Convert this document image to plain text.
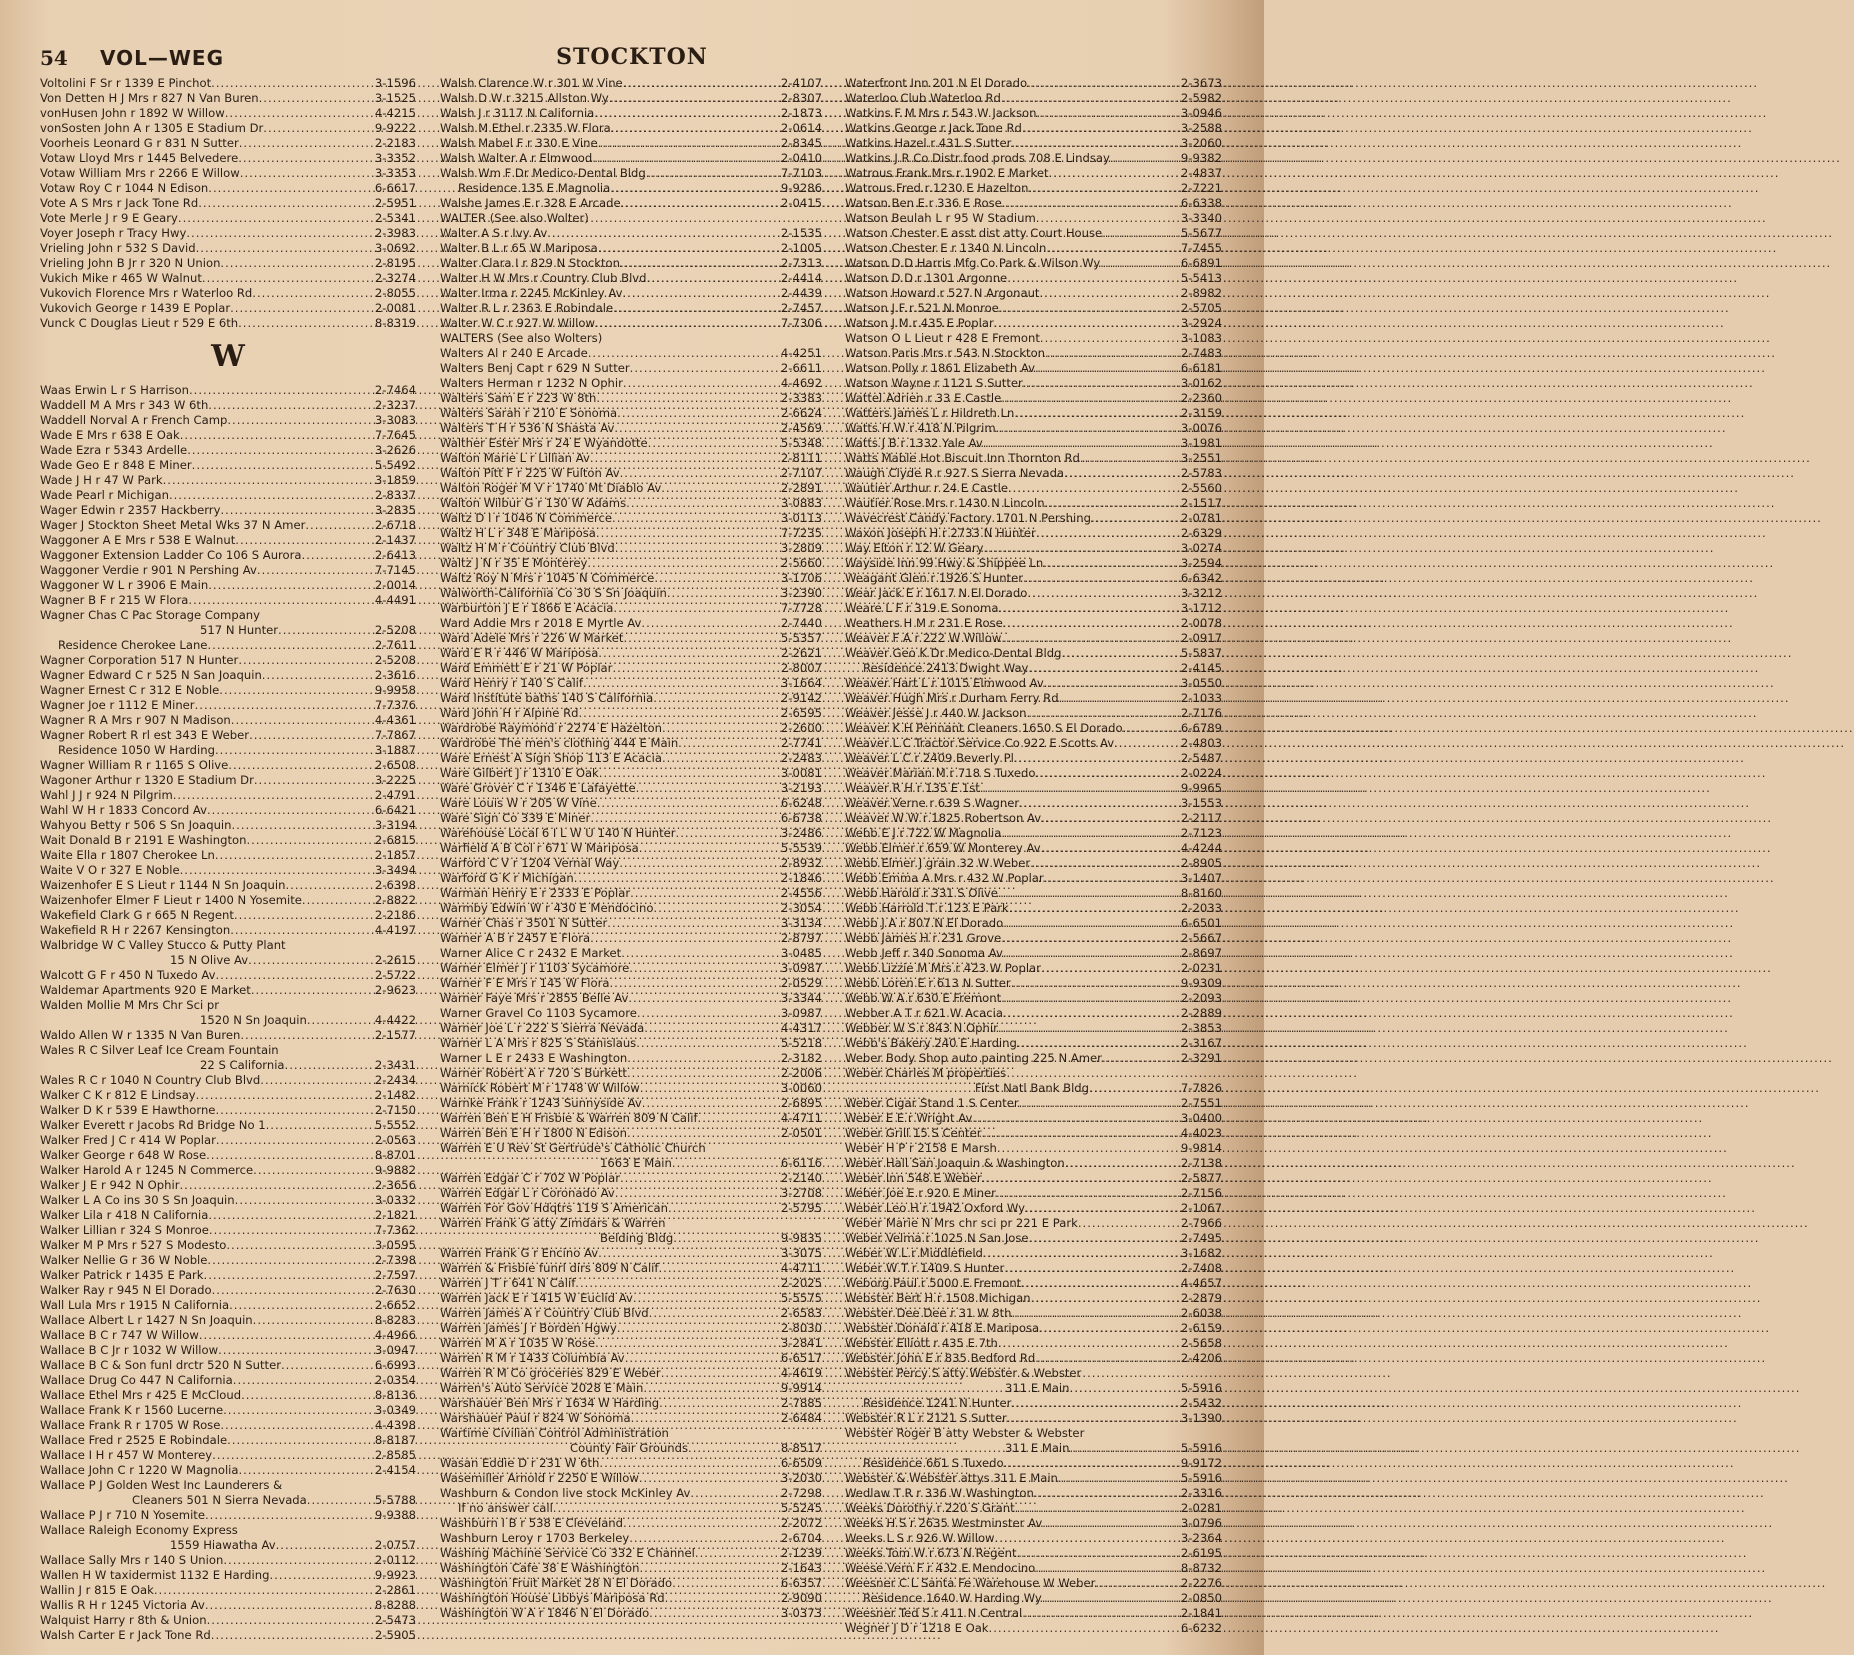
STOCKTON
54 VOL—WEG
Voltolini F Sr r 1339 E Pinchot .....	3-1596
Von Detten H J Mrs r 827 N Van Buren .....	3-1525
vonHusen John r 1892 W Willow .....	4-4215
vonSosten John A r 1305 E Stadium Dr .....	9-9222
Voorheis Leonard G r 831 N Sutter .....	2-2183
Votaw Lloyd Mrs r 1445 Belvedere .....	3-3352
Votaw William Mrs r 2266 E Willow .....	3-3353
Votaw Roy C r 1044 N Edison .....	6-6617
Vote A S Mrs r Jack Tone Rd .....	2-5951
Vote Merle J r 9 E Geary .....	2-5341
Voyer Joseph r Tracy Hwy .....	2-3983
Vrieling John r 532 S David .....	3-0692
Vrieling John B Jr r 320 N Union .....	2-8195
Vukich Mike r 465 W Walnut .....	2-3274
Vukovich Florence Mrs r Waterloo Rd .....	2-8055
Vukovich George r 1439 E Poplar .....	2-0081
Vunck C Douglas Lieut r 529 E 6th .....	8-8319
W
Waas Erwin L r S Harrison .....	2-7464
Waddell M A Mrs r 343 W 6th .....	2-3237
Waddell Norval A r French Camp .....	3-3083
Wade E Mrs r 638 E Oak .....	7-7645
Wade Ezra r 5343 Ardelle .....	3-2626
Wade Geo E r 848 E Miner .....	5-5492
Wade J H r 47 W Park .....	3-1859
Wade Pearl r Michigan .....	2-8337
Wager Edwin r 2357 Hackberry .....	3-2835
Wager J Stockton Sheet Metal Wks 37 N Amer .....	2-6718
Waggoner A E Mrs r 538 E Walnut .....	2-1437
Waggoner Extension Ladder Co 106 S Aurora .....	2-6413
Waggoner Verdie r 901 N Pershing Av .....	7-7145
Waggoner W L r 3906 E Main .....	2-0014
Wagner B F r 215 W Flora .....	4-4491
Wagner Chas C Pac Storage Company
517 N Hunter .....	2-5208
Residence Cherokee Lane .....	2-7611
Wagner Corporation 517 N Hunter .....	2-5208
Wagner Edward C r 525 N San Joaquin .....	2-3616
Wagner Ernest C r 312 E Noble .....	9-9958
Wagner Joe r 1112 E Miner .....	7-7376
Wagner R A Mrs r 907 N Madison .....	4-4361
Wagner Robert R rl est 343 E Weber .....	7-7867
Residence 1050 W Harding .....	3-1887
Wagner William R r 1165 S Olive .....	2-6508
Wagoner Arthur r 1320 E Stadium Dr .....	3-2225
Wahl J J r 924 N Pilgrim .....	2-4791
Wahl W H r 1833 Concord Av .....	6-6421
Wahyou Betty r 506 S Sn Joaquin .....	3-3194
Wait Donald B r 2191 E Washington .....	2-6815
Waite Ella r 1807 Cherokee Ln .....	2-1857
Waite V O r 327 E Noble .....	3-3494
Waizenhofer E S Lieut r 1144 N Sn Joaquin .....	2-6398
Waizenhofer Elmer F Lieut r 1400 N Yosemite .....	2-8822
Wakefield Clark G r 665 N Regent .....	2-2186
Wakefield R H r 2267 Kensington .....	4-4197
Walbridge W C Valley Stucco & Putty Plant
15 N Olive Av .....	2-2615
Walcott G F r 450 N Tuxedo Av .....	2-5722
Waldemar Apartments 920 E Market .....	2-9623
Walden Mollie M Mrs Chr Sci pr
1520 N Sn Joaquin .....	4-4422
Waldo Allen W r 1335 N Van Buren .....	2-1577
Wales R C Silver Leaf Ice Cream Fountain
22 S California .....	2-3431
Wales R C r 1040 N Country Club Blvd .....	2-2434
Walker C K r 812 E Lindsay .....	2-1482
Walker D K r 539 E Hawthorne .....	2-7150
Walker Everett r Jacobs Rd Bridge No 1 .....	5-5552
Walker Fred J C r 414 W Poplar .....	2-0563
Walker George r 648 W Rose .....	8-8701
Walker Harold A r 1245 N Commerce .....	9-9882
Walker J E r 942 N Ophir .....	2-3656
Walker L A Co ins 30 S Sn Joaquin .....	3-0332
Walker Lila r 418 N California .....	2-1821
Walker Lillian r 324 S Monroe .....	7-7362
Walker M P Mrs r 527 S Modesto .....	3-0595
Walker Nellie G r 36 W Noble .....	2-7398
Walker Patrick r 1435 E Park .....	2-7597
Walker Ray r 945 N El Dorado .....	2-7630
Wall Lula Mrs r 1915 N California .....	2-6652
Wallace Albert L r 1427 N Sn Joaquin .....	8-8283
Wallace B C r 747 W Willow .....	4-4966
Wallace B C Jr r 1032 W Willow .....	3-0947
Wallace B C & Son funl drctr 520 N Sutter .....	6-6993
Wallace Drug Co 447 N California .....	2-0354
Wallace Ethel Mrs r 425 E McCloud .....	8-8136
Wallace Frank K r 1560 Lucerne .....	3-0349
Wallace Frank R r 1705 W Rose .....	4-4398
Wallace Fred r 2525 E Robindale .....	8-8187
Wallace I H r 457 W Monterey .....	2-8585
Wallace John C r 1220 W Magnolia .....	2-4154
Wallace P J Golden West Inc Launderers &
Cleaners 501 N Sierra Nevada .....	5-5788
Wallace P J r 710 N Yosemite .....	9-9388
Wallace Raleigh Economy Express
1559 Hiawatha Av .....	2-0757
Wallace Sally Mrs r 140 S Union .....	2-0112
Wallen H W taxidermist 1132 E Harding .....	9-9923
Wallin J r 815 E Oak .....	2-2861
Wallis R H r 1245 Victoria Av .....	8-8288
Walquist Harry r 8th & Union .....	2-5473
Walsh Carter E r Jack Tone Rd .....	2-5905
Walsh Clarence W r 301 W Vine .....	2-4107
Walsh D W r 3215 Allston Wy .....	2-8307
Walsh J r 3117 N California .....	2-1873
Walsh M Ethel r 2335 W Flora .....	2-0614
Walsh Mabel F r 330 E Vine .....	2-8345
Walsh Walter A r Elmwood .....	2-0410
Walsh Wm F Dr Medico-Dental Bldg .....	7-7103
Residence 135 E Magnolia .....	9-9286
Walshe James E r 328 E Arcade .....	2-0415
WALTER (See also Wolter)
Walter A S r Ivy Av .....	2-1535
Walter B L r 65 W Mariposa .....	2-1005
Walter Clara I r 829 N Stockton .....	2-7313
Walter H W Mrs r Country Club Blvd .....	2-4414
Walter Irma r 2245 McKinley Av .....	2-4439
Walter R L r 2363 E Robindale .....	2-7457
Walter W C r 927 W Willow .....	7-7306
WALTERS (See also Wolters)
Walters Al r 240 E Arcade .....	4-4251
Walters Benj Capt r 629 N Sutter .....	2-6611
Walters Herman r 1232 N Ophir .....	4-4692
Walters Sam E r 223 W 8th .....	2-3383
Walters Sarah r 210 E Sonoma .....	2-6624
Walters T H r 536 N Shasta Av .....	2-4569
Walther Ester Mrs r 24 E Wyandotte .....	5-5348
Walton Marie L r Lillian Av .....	2-8111
Walton Pitt F r 225 W Fulton Av .....	2-7107
Walton Roger M V r 1740 Mt Diablo Av .....	2-2891
Walton Wilbur G r 130 W Adams .....	3-0883
Waltz D I r 1046 N Commerce .....	3-0113
Waltz H L r 348 E Mariposa .....	7-7235
Waltz H M r Country Club Blvd .....	3-2809
Waltz J N r 35 E Monterey .....	2-5660
Waltz Roy N Mrs r 1045 N Commerce .....	3-1706
Walworth-California Co 30 S Sn Joaquin .....	3-2390
Warburton J E r 1866 E Acacia .....	7-7728
Ward Addie Mrs r 2018 E Myrtle Av .....	2-7440
Ward Adele Mrs r 226 W Market .....	5-5357
Ward E R r 446 W Mariposa .....	2-2621
Ward Emmett E r 21 W Poplar .....	2-8007
Ward Henry r 140 S Calif .....	3-1664
Ward Institute baths 140 S California .....	2-9142
Ward John H r Alpine Rd .....	2-6595
Wardrobe Raymond r 2274 E Hazelton .....	2-2600
Wardrobe The men's clothing 444 E Main .....	2-7741
Ware Ernest A Sign Shop 113 E Acacia .....	2-2483
Ware Gilbert J r 1310 E Oak .....	3-0081
Ware Grover C r 1346 E Lafayette .....	3-2193
Ware Louis W r 205 W Vine .....	6-6248
Ware Sign Co 339 E Miner .....	6-6738
Warehouse Local 6 I L W U 140 N Hunter .....	3-2486
Warfield A B Col r 671 W Mariposa .....	5-5539
Warford C V r 1204 Vernal Way .....	2-8932
Warford G K r Michigan .....	2-1846
Warman Henry E r 2333 E Poplar .....	2-4556
Warmby Edwin W r 430 E Mendocino .....	2-3054
Warner Chas r 3501 N Sutter .....	3-3134
Warner A B r 2457 E Flora .....	2-8797
Warner Alice C r 2432 E Market .....	3-0485
Warner Elmer J r 1103 Sycamore .....	3-0987
Warner F E Mrs r 145 W Flora .....	2-0529
Warner Faye Mrs r 2855 Belle Av .....	3-3344
Warner Gravel Co 1103 Sycamore .....	3-0987
Warner Joe L r 222 S Sierra Nevada .....	4-4317
Warner L A Mrs r 825 S Stanislaus .....	5-5218
Warner L E r 2433 E Washington .....	2-3182
Warner Robert A r 720 S Burkett .....	2-2006
Warnick Robert M r 1748 W Willow .....	3-0060
Warnke Frank r 1243 Sunnyside Av .....	2-6895
Warren Ben E H Frisbie & Warren 809 N Calif .....	4-4711
Warren Ben E H r 1800 N Edison .....	2-0501
Warren E U Rev St Gertrude's Catholic Church
1663 E Main .....	6-6116
Warren Edgar C r 702 W Poplar .....	2-2140
Warren Edgar L r Coronado Av .....	3-2708
Warren For Gov Hdqtrs 119 S American .....	2-5795
Warren Frank G atty Zimdars & Warren
Belding Bldg .....	9-9835
Warren Frank G r Encino Av .....	3-3075
Warren & Frisbie funrl dirs 809 N Calif .....	4-4711
Warren J T r 641 N Calif .....	2-2025
Warren Jack E r 1415 W Euclid Av .....	5-5575
Warren James A r Country Club Blvd .....	2-6583
Warren James J r Borden Hgwy .....	2-8030
Warren M A r 1035 W Rose .....	3-2841
Warren R M r 1433 Columbia Av .....	6-6517
Warren R M Co groceries 829 E Weber .....	4-4619
Warren's Auto Service 2028 E Main .....	9-9914
Warshauer Ben Mrs r 1634 W Harding .....	2-7885
Warshauer Paul r 824 W Sonoma .....	2-6484
Wartime Civilian Control Administration
County Fair Grounds .....	8-8517
Wasan Eddie D r 231 W 6th .....	6-6509
Wasemiller Arnold r 2250 E Willow .....	3-2030
Washburn & Condon live stock McKinley Av .....	2-7298
If no answer call .....	5-5245
Washburn I B r 538 E Cleveland .....	2-2072
Washburn Leroy r 1703 Berkeley .....	2-6704
Washing Machine Service Co 332 E Channel .....	2-1239
Washington Cafe 38 E Washington .....	2-1643
Washington Fruit Market 28 N El Dorado .....	6-6357
Washington House Libbys Mariposa Rd .....	2-9090
Washington W A r 1846 N El Dorado .....	3-0373
Waterfront Inn 201 N El Dorado .....	2-3673
Waterloo Club Waterloo Rd .....	2-5982
Watkins F M Mrs r 543 W Jackson .....	3-0946
Watkins George r Jack Tone Rd .....	3-2588
Watkins Hazel r 431 S Sutter .....	3-2060
Watkins J R Co Distr food prods 708 E Lindsay .....	9-9382
Watrous Frank Mrs r 1902 E Market .....	2-4837
Watrous Fred r 1230 E Hazelton .....	2-7221
Watson Ben E r 336 E Rose .....	6-6338
Watson Beulah L r 95 W Stadium .....	3-3340
Watson Chester E asst dist atty Court House .....	5-5677
Watson Chester E r 1340 N Lincoln .....	7-7455
Watson D D Harris Mfg Co Park & Wilson Wy .....	6-6891
Watson D D r 1301 Argonne .....	5-5413
Watson Howard r 527 N Argonaut .....	2-8982
Watson J F r 521 N Monroe .....	2-5705
Watson J M r 435 E Poplar .....	3-2924
Watson O L Lieut r 428 E Fremont .....	3-1083
Watson Paris Mrs r 543 N Stockton .....	2-7483
Watson Polly r 1861 Elizabeth Av .....	6-6181
Watson Wayne r 1121 S Sutter .....	3-0162
Wattel Adrien r 33 E Castle .....	2-2360
Watters James L r Hildreth Ln .....	2-3159
Watts H W r 418 N Pilgrim .....	3-0076
Watts J B r 1332 Yale Av .....	3-1981
Watts Mable Hot Biscuit Inn Thornton Rd .....	3-2551
Waugh Clyde R r 927 S Sierra Nevada .....	2-5783
Wautier Arthur r 24 E Castle .....	2-5560
Wautier Rose Mrs r 1430 N Lincoln .....	2-1517
Wavecrest Candy Factory 1701 N Pershing .....	2-0781
Waxon Joseph H r 2733 N Hunter .....	2-6329
Way Elton r 12 W Geary .....	3-0274
Wayside Inn 99 Hwy & Shippee Ln .....	3-2594
Weagant Glen r 1926 S Hunter .....	6-6342
Wear Jack E r 1617 N El Dorado .....	3-3212
Weare L F r 319 E Sonoma .....	3-1712
Weathers H M r 231 E Rose .....	2-0078
Weaver F A r 222 W Willow .....	2-0917
Weaver Geo K Dr Medico-Dental Bldg .....	5-5837
Residence 2413 Dwight Way .....	2-4145
Weaver Hart L r 1015 Elmwood Av .....	3-0550
Weaver Hugh Mrs r Durham Ferry Rd .....	2-1033
Weaver Jesse J r 440 W Jackson .....	2-7176
Weaver K H Pennant Cleaners 1650 S El Dorado .....	6-6789
Weaver L C Tractor Service Co 922 E Scotts Av .....	2-4803
Weaver L C r 2409 Beverly Pl .....	2-5487
Weaver Marian M r 718 S Tuxedo .....	2-0224
Weaver R H r 135 E 1st .....	9-9965
Weaver Verne r 639 S Wagner .....	3-1553
Weaver W W r 1825 Robertson Av .....	2-2117
Webb E J r 722 W Magnolia .....	2-7123
Webb Elmer r 659 W Monterey Av .....	4-4244
Webb Elmer J grain 32 W Weber .....	2-8905
Webb Emma A Mrs r 432 W Poplar .....	3-1407
Webb Harold r 331 S Olive .....	8-8160
Webb Harrold T r 123 E Park .....	2-2033
Webb J A r 807 N El Dorado .....	6-6501
Webb James H r 231 Grove .....	2-5667
Webb Jeff r 340 Sonoma Av .....	2-8697
Webb Lizzie M Mrs r 423 W Poplar .....	2-0231
Webb Loren E r 613 N Sutter .....	9-9309
Webb W A r 630 E Fremont .....	2-2093
Webber A T r 621 W Acacia .....	2-2889
Webber W S r 843 N Ophir .....	2-3853
Webb's Bakery 240 E Harding .....	2-3167
Weber Body Shop auto painting 225 N Amer .....	2-3291
Weber Charles M properties
First Natl Bank Bldg .....	7-7826
Weber Cigar Stand 1 S Center .....	2-7551
Weber E E r Wright Av .....	3-0400
Weber Grill 15 S Center .....	4-4023
Weber H P r 2158 E Marsh .....	9-9814
Weber Hall San Joaquin & Washington .....	2-7138
Weber Inn 548 E Weber .....	2-5877
Weber Joe E r 920 E Miner .....	2-7156
Weber Leo H r 1942 Oxford Wy .....	2-1067
Weber Marie N Mrs chr sci pr 221 E Park .....	2-7966
Weber Velma r 1025 N San Jose .....	2-7495
Weber W L r Middlefield .....	3-1682
Weber W T r 1409 S Hunter .....	2-7408
Weborg Paul r 5000 E Fremont .....	4-4657
Webster Bert H r 1508 Michigan .....	2-2879
Webster Dee Dee r 31 W 8th .....	2-6038
Webster Donald r 418 E Mariposa .....	2-6159
Webster Elliott r 435 E 7th .....	2-5658
Webster John E r 835 Bedford Rd .....	2-4206
Webster Percy S atty Webster & Webster
311 E Main .....	5-5916
Residence 1241 N Hunter .....	2-5432
Webster R L r 2121 S Sutter .....	3-1390
Webster Roger B atty Webster & Webster
311 E Main .....	5-5916
Residence 661 S Tuxedo .....	9-9172
Webster & Webster attys 311 E Main .....	5-5916
Wedlaw T R r 336 W Washington .....	2-3316
Weeks Dorothy r 220 S Grant .....	2-0281
Weeks H S r 2635 Westminster Av .....	3-0796
Weeks L S r 926 W Willow .....	3-2364
Weeks Tom W r 673 N Regent .....	2-6195
Weese Vern F r 432 E Mendocino .....	8-8732
Weesner C L Santa Fe Warehouse W Weber .....	2-2276
Residence 1640 W Harding Wy .....	2-0850
Weesner Ted S r 411 N Central .....	2-1841
Wegner J D r 1218 E Oak .....	6-6232
